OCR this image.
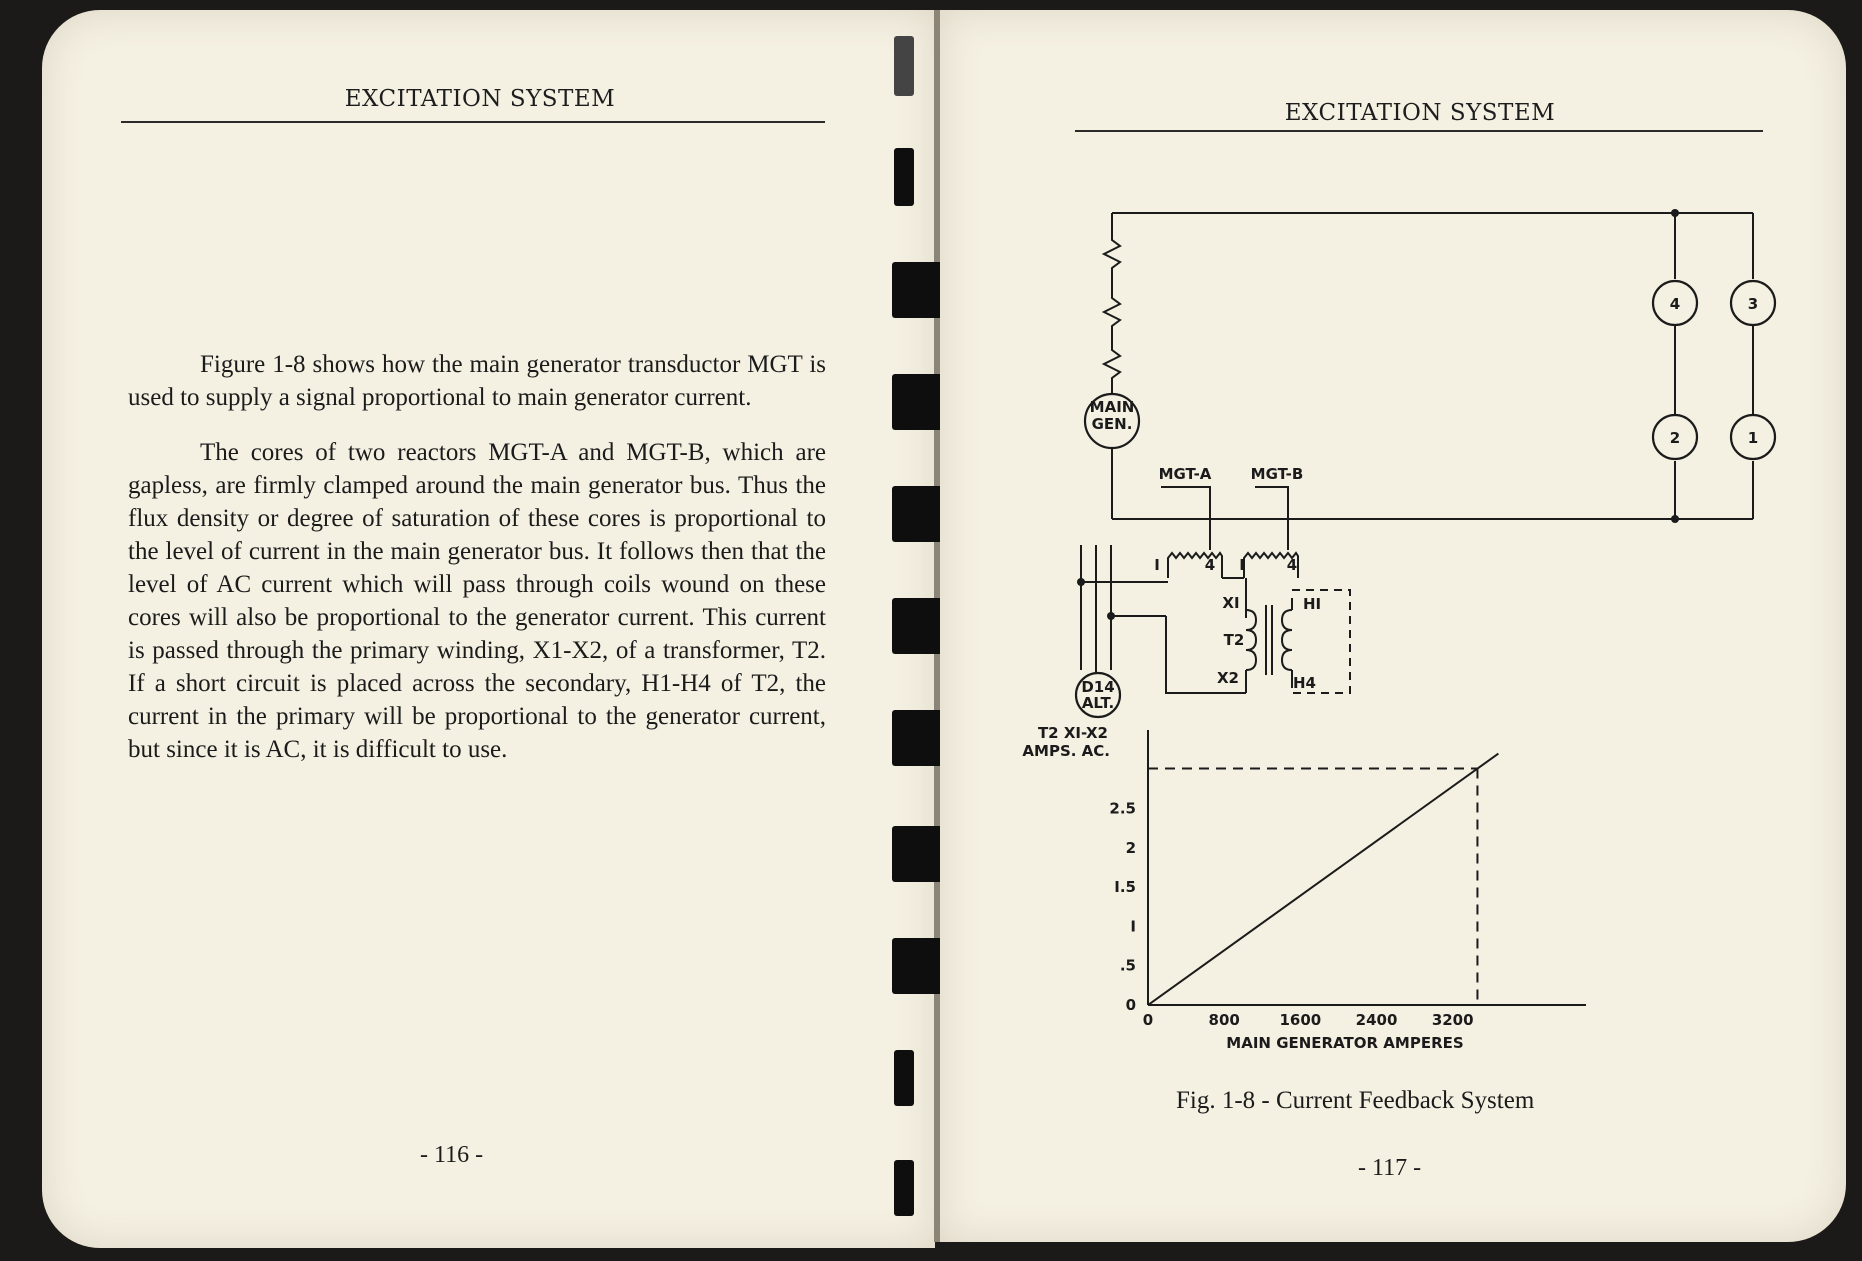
EXCITATION SYSTEM

Figure 1-8 shows how the main generator transductor MGT is used to supply a signal proportional to main generator current.

The cores of two reactors MGT-A and MGT-B, which are gapless, are firmly clamped around the main generator bus. Thus the flux density or degree of saturation of these cores is proportional to the level of current in the main generator bus. It follows then that the level of AC current which will pass through coils wound on these cores will also be proportional to the generator current. This current is passed through the primary winding, X1-X2, of a transformer, T2. If a short circuit is placed across the secondary, H1-H4 of T2, the current in the primary will be proportional to the generator current, but since it is AC, it is difficult to use.

- 116 -
EXCITATION SYSTEM
MAIN
GEN.
MGT-A	MGT-B
4	3
2	1
I	4 I	4
XI
T2
X2
HI
H4
D14
ALT.
T2 XI-X2
AMPS. AC.
MAIN GENERATOR AMPERES
0	800	1600 2400 3200
0
.5
I
I.5
2
2.5
Fig. 1-8 - Current Feedback System
- 117 -
